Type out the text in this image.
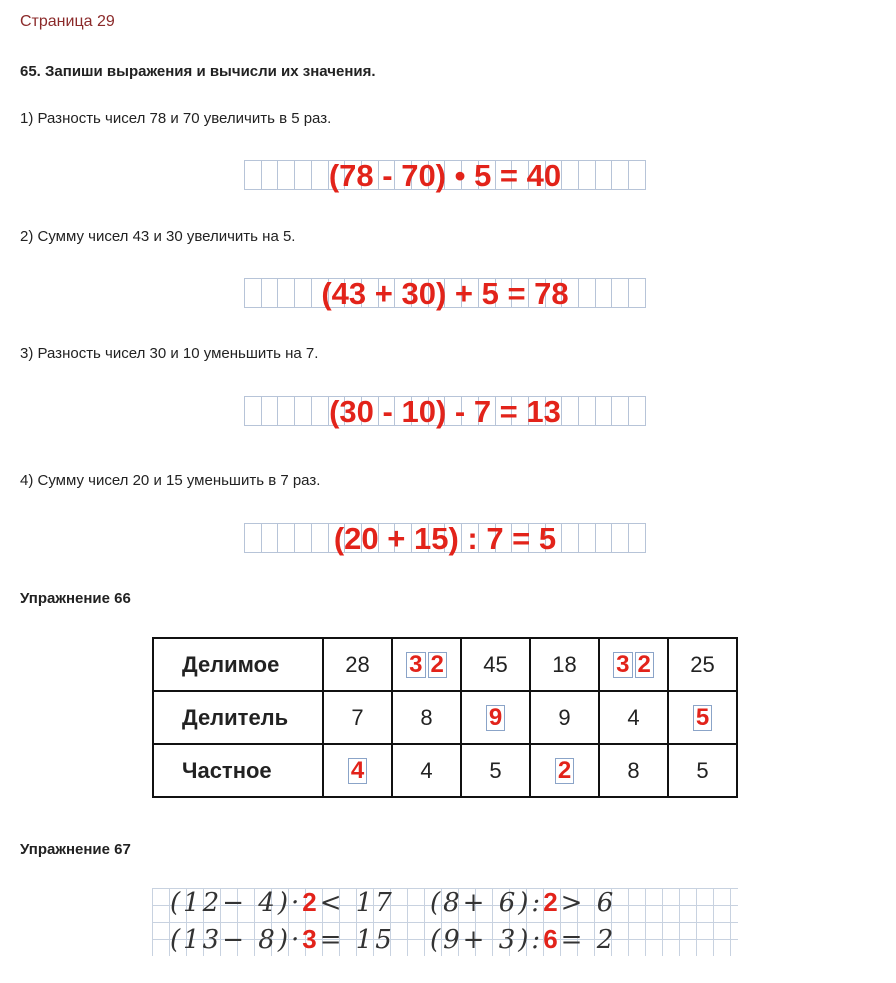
Страница 29
65. Запиши выражения и вычисли их значения.
1) Разность чисел 78 и 70 увеличить в 5 раз.
(78 - 70) • 5 = 40
2) Сумму чисел 43 и 30 увеличить на 5.
(43 + 30) + 5 = 78
3) Разность чисел 30 и 10 уменьшить на 7.
(30 - 10) - 7 = 13
4) Сумму чисел 20 и 15 уменьшить в 7 раз.
(20 + 15) : 7 = 5
Упражнение 66
Делимое	28	3 2	45	18	3 2	25
Делитель	7	8	9	9	4	5
Частное	4	4	5	2	8	5
Упражнение 67
(12− 4)·2< 17 (8+ 6):2> 6
(13− 8)·3= 15 (9+ 3):6= 2
